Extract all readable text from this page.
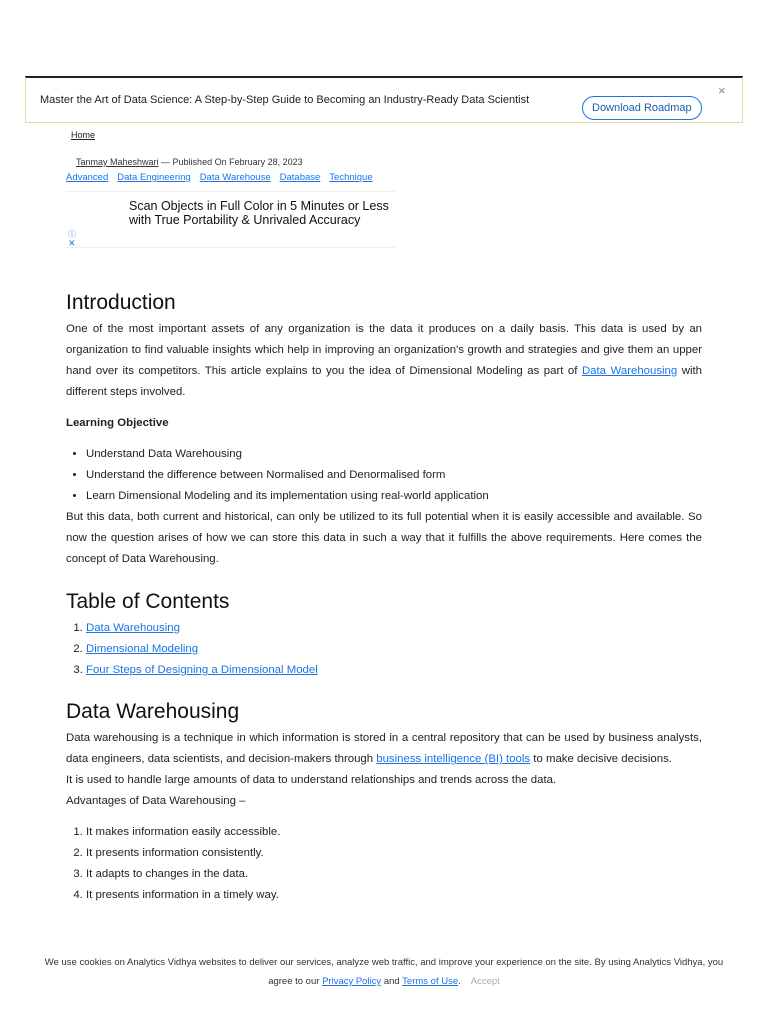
Master the Art of Data Science: A Step-by-Step Guide to Becoming an Industry-Ready Data Scientist
Download Roadmap
×
Home
Tanmay Maheshwari — Published On February 28, 2023
Advanced Data Engineering Data Warehouse Database Technique
ⓘ
✕
Scan Objects in Full Color in 5 Minutes or Less with True Portability & Unrivaled Accuracy
Introduction

One of the most important assets of any organization is the data it produces on a daily basis. This data is used by an organization to find valuable insights which help in improving an organization's growth and strategies and give them an upper hand over its competitors. This article explains to you the idea of Dimensional Modeling as part of Data Warehousing with different steps involved.

Learning Objective

• Understand Data Warehousing
• Understand the difference between Normalised and Denormalised form
• Learn Dimensional Modeling and its implementation using real-world application

But this data, both current and historical, can only be utilized to its full potential when it is easily accessible and available. So now the question arises of how we can store this data in such a way that it fulfills the above requirements. Here comes the concept of Data Warehousing.

Table of Contents
1. Data Warehousing
2. Dimensional Modeling
3. Four Steps of Designing a Dimensional Model
Data Warehousing

Data warehousing is a technique in which information is stored in a central repository that can be used by business analysts, data engineers, data scientists, and decision-makers through business intelligence (BI) tools to make decisive decisions.

It is used to handle large amounts of data to understand relationships and trends across the data.

Advantages of Data Warehousing –

1. It makes information easily accessible.
2. It presents information consistently.
3. It adapts to changes in the data.
4. It presents information in a timely way.
We use cookies on Analytics Vidhya websites to deliver our services, analyze web traffic, and improve your experience on the site. By using Analytics Vidhya, you agree to our Privacy Policy and Terms of Use. Accept
